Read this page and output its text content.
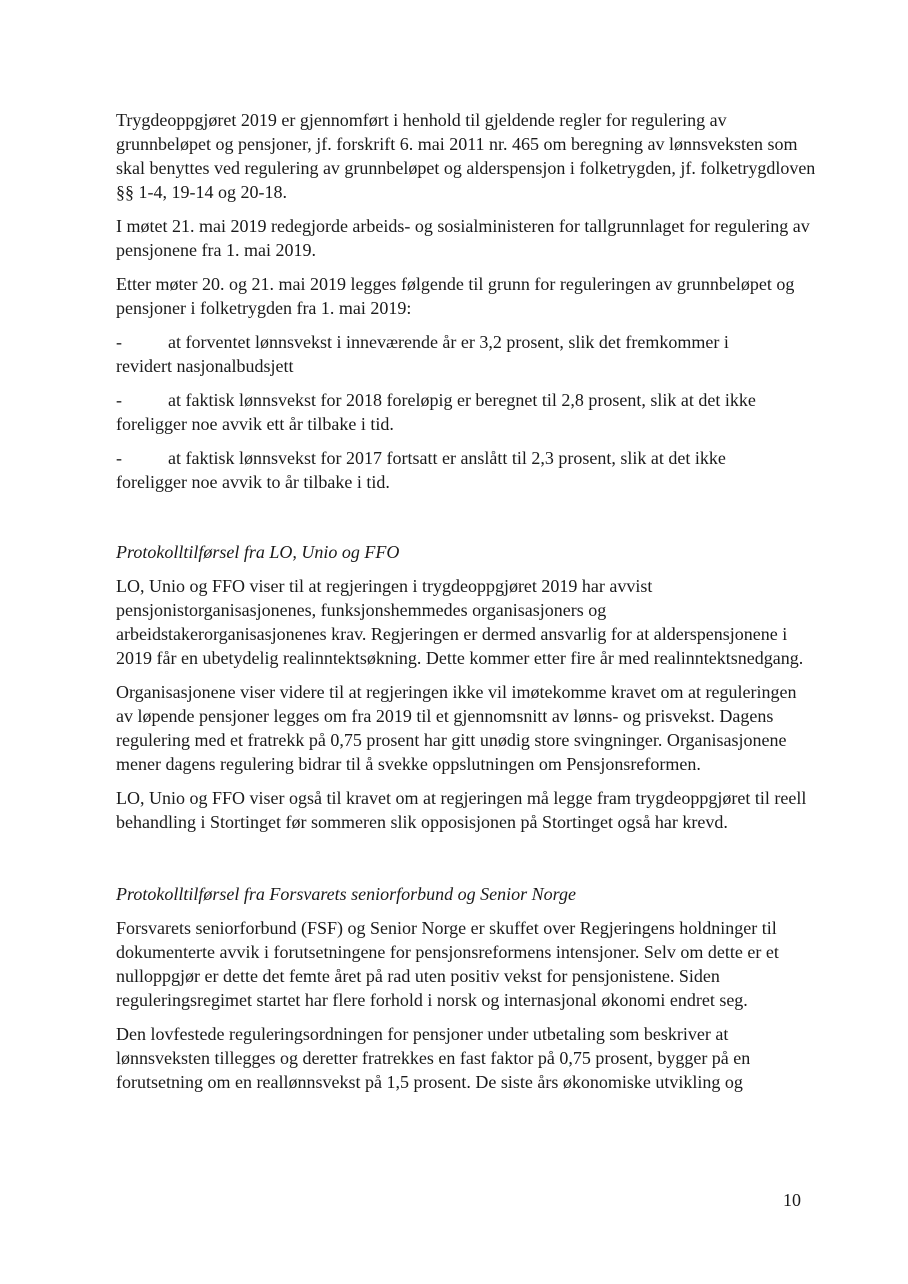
Trygdeoppgjøret 2019 er gjennomført i henhold til gjeldende regler for regulering av grunnbeløpet og pensjoner, jf. forskrift 6. mai 2011 nr. 465 om beregning av lønnsveksten som skal benyttes ved regulering av grunnbeløpet og alderspensjon i folketrygden, jf. folketrygdloven §§ 1-4, 19-14 og 20-18.

I møtet 21. mai 2019 redegjorde arbeids- og sosialministeren for tallgrunnlaget for regulering av pensjonene fra 1. mai 2019.

Etter møter 20. og 21. mai 2019 legges følgende til grunn for reguleringen av grunnbeløpet og pensjoner i folketrygden fra 1. mai 2019:

-	at forventet lønnsvekst i inneværende år er 3,2 prosent, slik det fremkommer i
revidert nasjonalbudsjett
-	at faktisk lønnsvekst for 2018 foreløpig er beregnet til 2,8 prosent, slik at det ikke
foreligger noe avvik ett år tilbake i tid.
-	at faktisk lønnsvekst for 2017 fortsatt er anslått til 2,3 prosent, slik at det ikke
foreligger noe avvik to år tilbake i tid.

Protokolltilførsel fra LO, Unio og FFO

LO, Unio og FFO viser til at regjeringen i trygdeoppgjøret 2019 har avvist pensjonistorganisasjonenes, funksjonshemmedes organisasjoners og arbeidstakerorganisasjonenes krav. Regjeringen er dermed ansvarlig for at alderspensjonene i 2019 får en ubetydelig realinntektsøkning. Dette kommer etter fire år med realinntektsnedgang.

Organisasjonene viser videre til at regjeringen ikke vil imøtekomme kravet om at reguleringen av løpende pensjoner legges om fra 2019 til et gjennomsnitt av lønns- og prisvekst. Dagens regulering med et fratrekk på 0,75 prosent har gitt unødig store svingninger. Organisasjonene mener dagens regulering bidrar til å svekke oppslutningen om Pensjonsreformen.

LO, Unio og FFO viser også til kravet om at regjeringen må legge fram trygdeoppgjøret til reell behandling i Stortinget før sommeren slik opposisjonen på Stortinget også har krevd.

Protokolltilførsel fra Forsvarets seniorforbund og Senior Norge

Forsvarets seniorforbund (FSF) og Senior Norge er skuffet over Regjeringens holdninger til dokumenterte avvik i forutsetningene for pensjonsreformens intensjoner. Selv om dette er et nulloppgjør er dette det femte året på rad uten positiv vekst for pensjonistene. Siden reguleringsregimet startet har flere forhold i norsk og internasjonal økonomi endret seg.

Den lovfestede reguleringsordningen for pensjoner under utbetaling som beskriver at lønnsveksten tillegges og deretter fratrekkes en fast faktor på 0,75 prosent, bygger på en forutsetning om en reallønnsvekst på 1,5 prosent. De siste års økonomiske utvikling og

10
